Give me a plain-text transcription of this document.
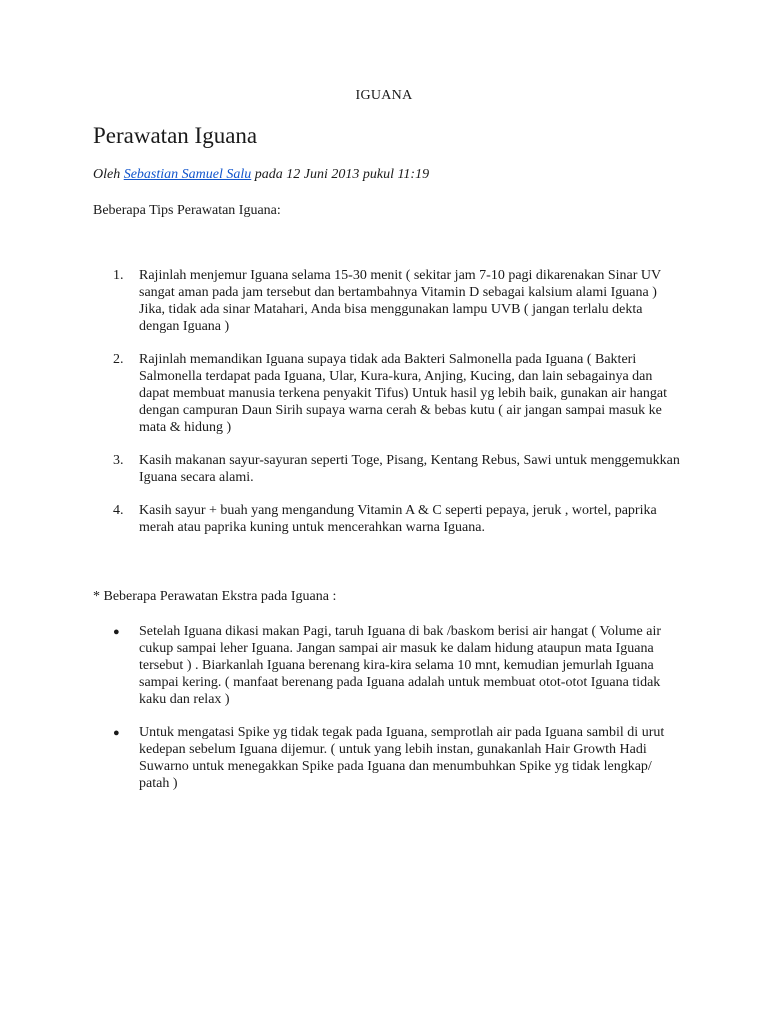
IGUANA
Perawatan Iguana
Oleh Sebastian Samuel Salu pada 12 Juni 2013 pukul 11:19
Beberapa Tips Perawatan Iguana:
1. Rajinlah menjemur Iguana selama 15-30 menit ( sekitar jam 7-10 pagi dikarenakan Sinar UV sangat aman pada jam tersebut dan bertambahnya Vitamin D sebagai kalsium alami Iguana ) Jika, tidak ada sinar Matahari, Anda bisa menggunakan lampu UVB ( jangan terlalu dekta dengan Iguana )
2. Rajinlah memandikan Iguana supaya tidak ada Bakteri Salmonella pada Iguana ( Bakteri Salmonella terdapat pada Iguana, Ular, Kura-kura, Anjing, Kucing, dan lain sebagainya dan dapat membuat manusia terkena penyakit Tifus) Untuk hasil yg lebih baik, gunakan air hangat dengan campuran Daun Sirih supaya warna cerah & bebas kutu ( air jangan sampai masuk ke mata & hidung )
3. Kasih makanan sayur-sayuran seperti Toge, Pisang, Kentang Rebus, Sawi untuk menggemukkan Iguana secara alami.
4. Kasih sayur + buah yang mengandung Vitamin A & C seperti pepaya, jeruk , wortel, paprika merah atau paprika kuning untuk mencerahkan warna Iguana.
* Beberapa Perawatan Ekstra pada Iguana :
● Setelah Iguana dikasi makan Pagi, taruh Iguana di bak /baskom berisi air hangat ( Volume air cukup sampai leher Iguana. Jangan sampai air masuk ke dalam hidung ataupun mata Iguana tersebut ) . Biarkanlah Iguana berenang kira-kira selama 10 mnt, kemudian jemurlah Iguana sampai kering. ( manfaat berenang pada Iguana adalah untuk membuat otot-otot Iguana tidak kaku dan relax )
● Untuk mengatasi Spike yg tidak tegak pada Iguana, semprotlah air pada Iguana sambil di urut kedepan sebelum Iguana dijemur. ( untuk yang lebih instan, gunakanlah Hair Growth Hadi Suwarno untuk menegakkan Spike pada Iguana dan menumbuhkan Spike yg tidak lengkap/ patah )
